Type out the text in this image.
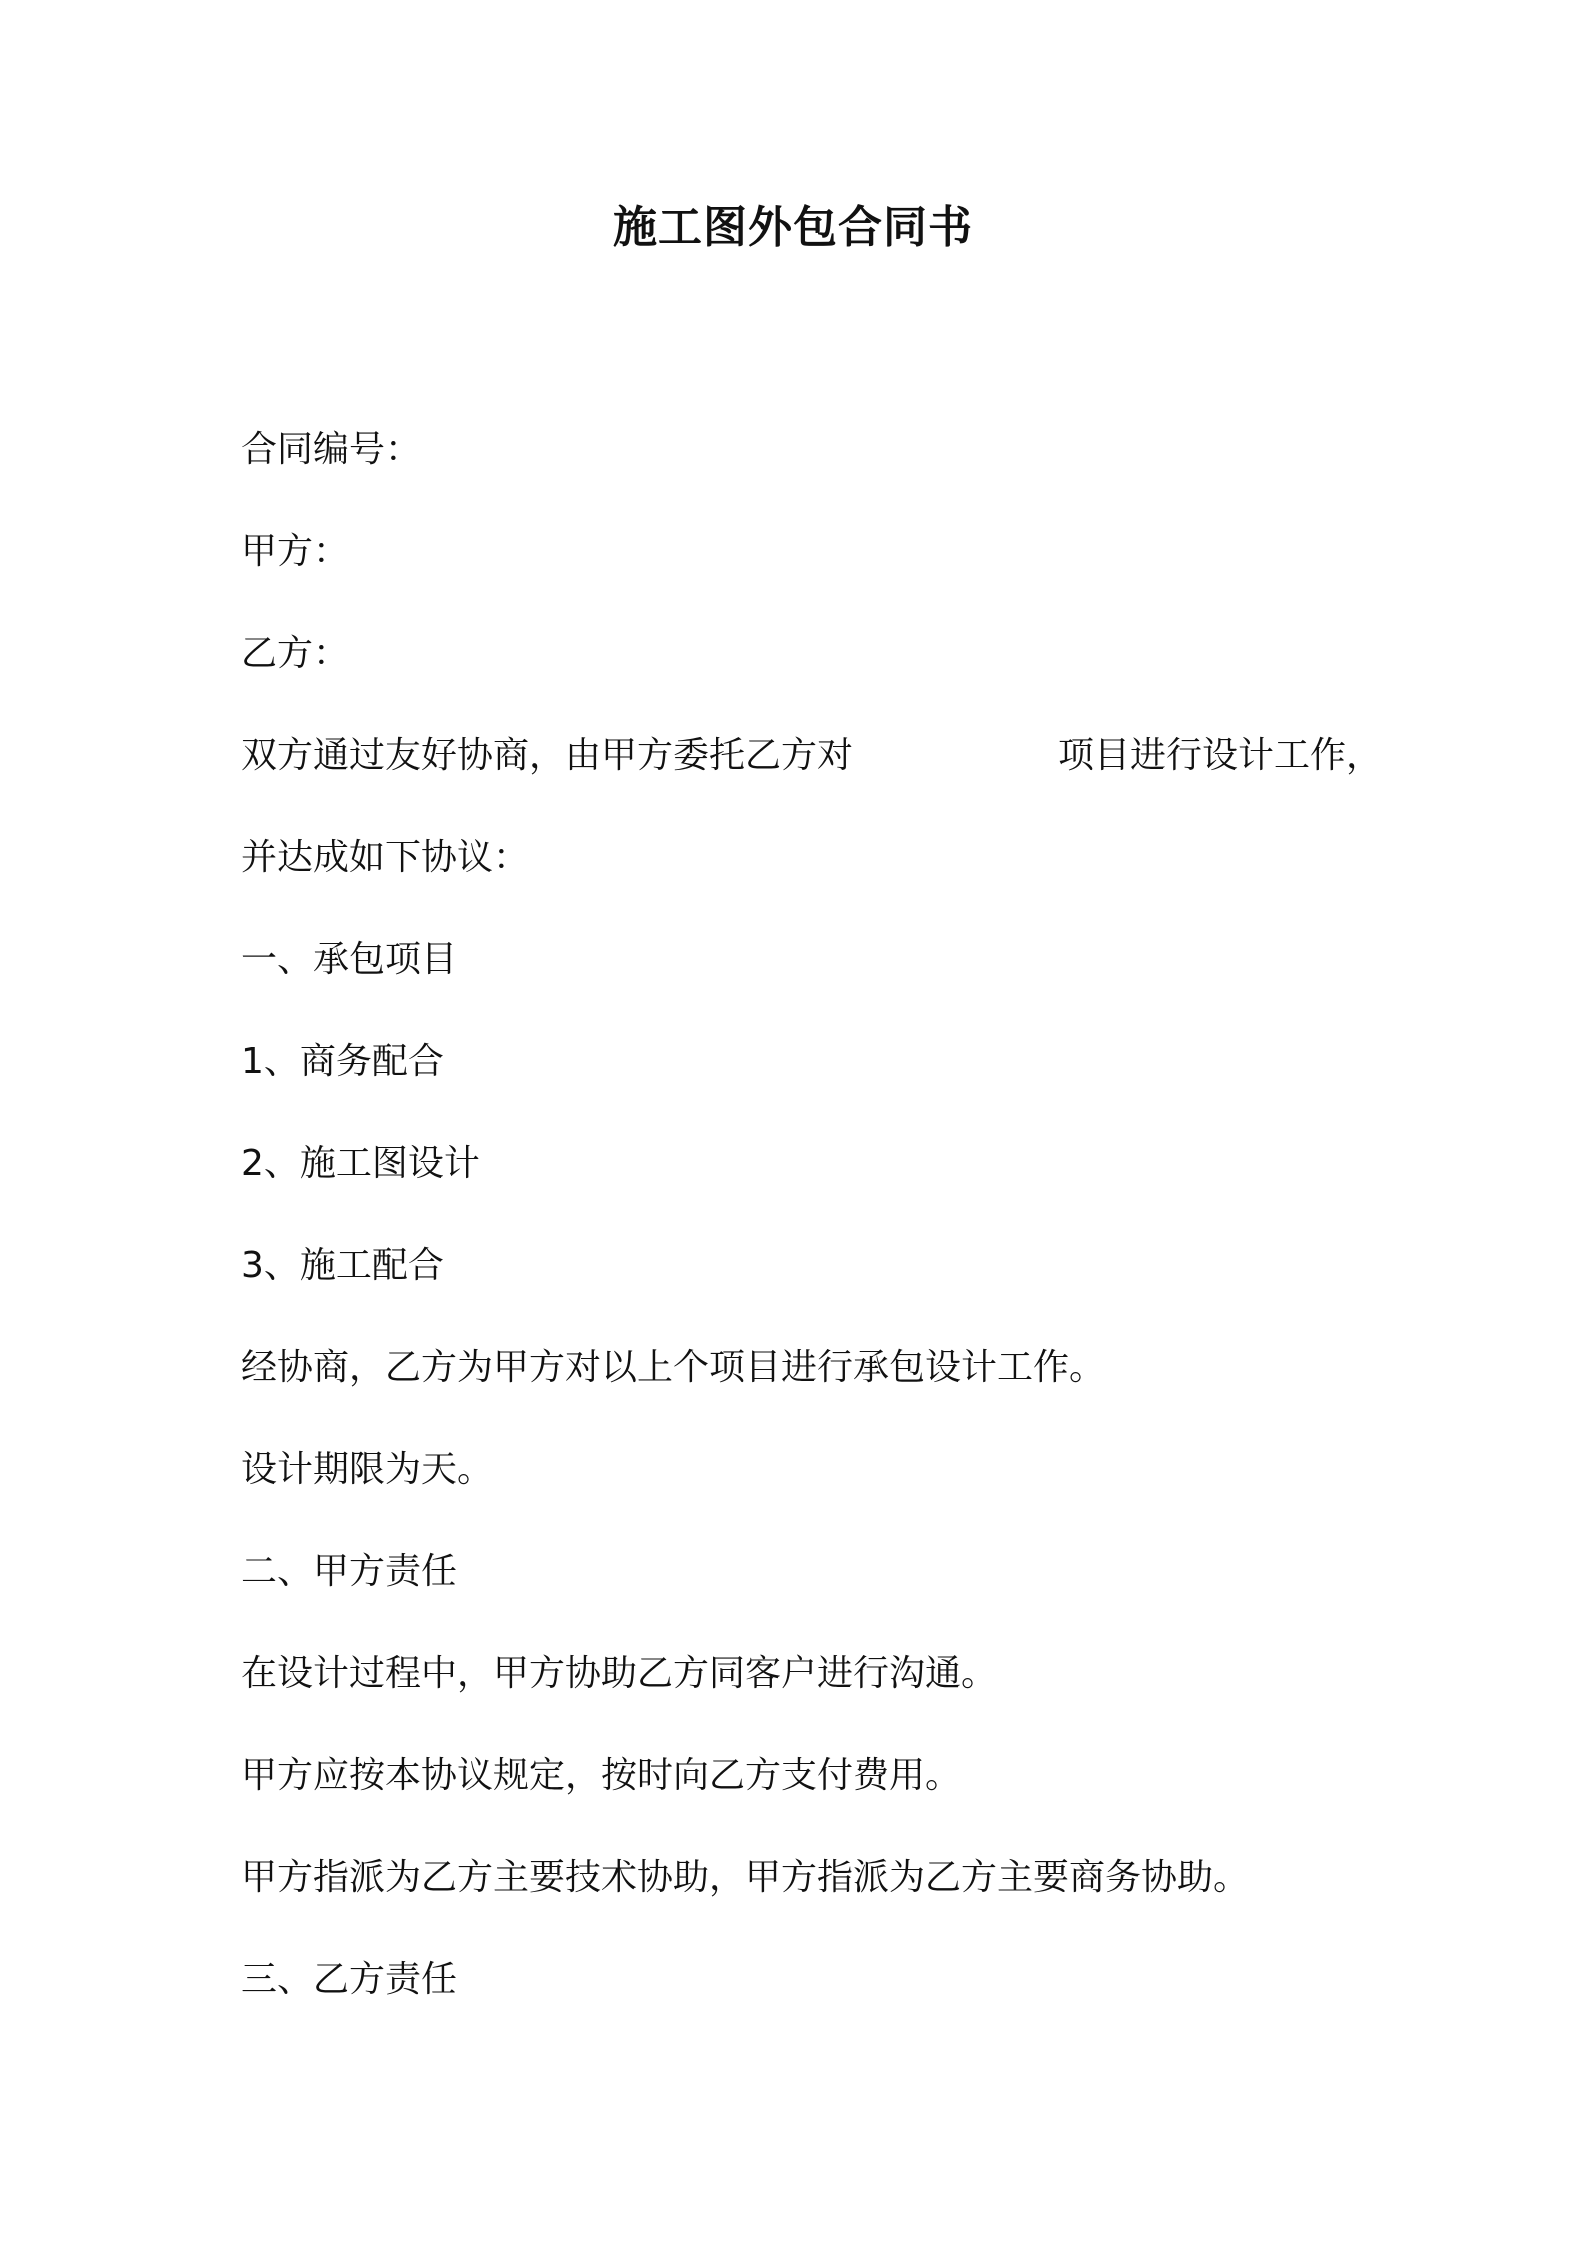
施工图外包合同书
合同编号：
甲方：
乙方：
双方通过友好协商，由甲方委托乙方对	项目进行设计工作，
并达成如下协议：
一、承包项目
1、商务配合
2、施工图设计
3、施工配合
经协商，乙方为甲方对以上个项目进行承包设计工作。
设计期限为天。
二、甲方责任
在设计过程中，甲方协助乙方同客户进行沟通。
甲方应按本协议规定，按时向乙方支付费用。
甲方指派为乙方主要技术协助，甲方指派为乙方主要商务协助。
三、乙方责任
